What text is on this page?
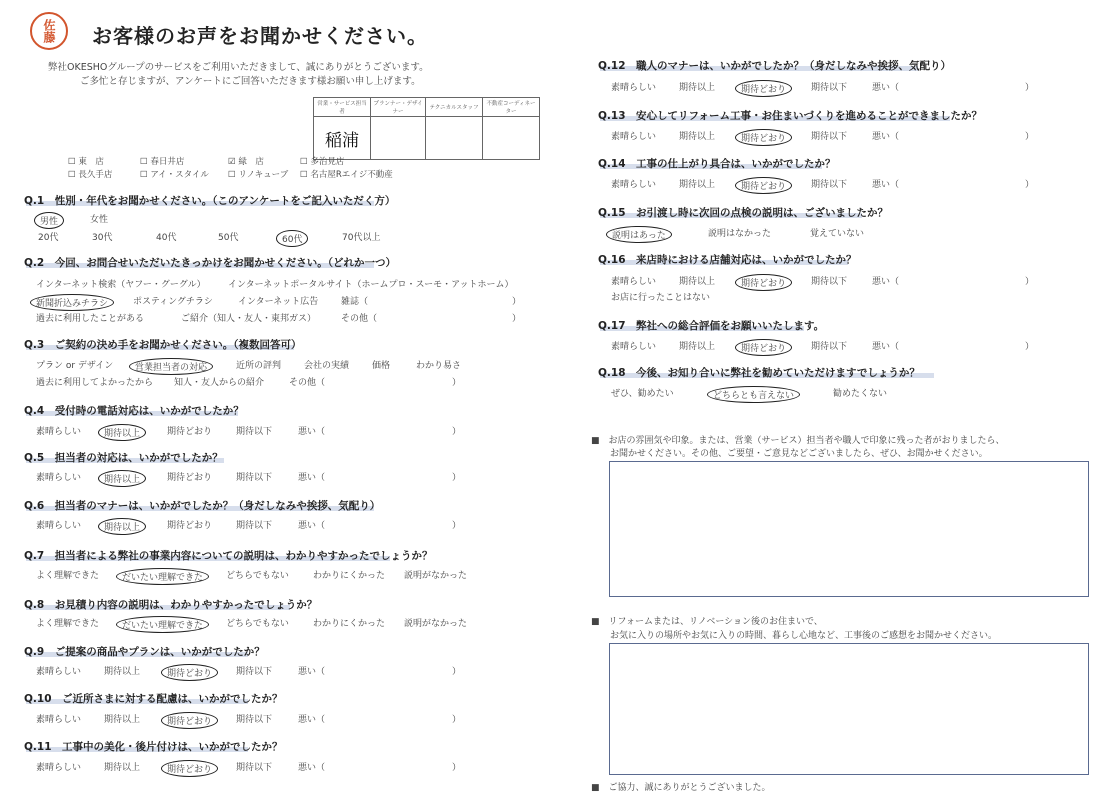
佐藤	お客様のお声をお聞かせください。
弊社OKESHOグループのサービスをご利用いただきまして、誠にありがとうございます。
ご多忙と存じますが、アンケートにご回答いただきます様お願い申し上げます。
営業・サービス担当者	プランナー・デザイナー	テクニカルスタッフ	不動産コーディネーター
稲浦			
☐ 東　店	☐ 春日井店	☑ 緑　店	☐ 多治見店
☐ 長久手店	☐ アイ・スタイル ☐ リノキューブ ☐ 名古屋Rエイジ不動産
Q.1　性別・年代をお聞かせください。（このアンケートをご記入いただく方）
男性	女性
20代	30代	40代	50代	60代	70代以上
Q.2　今回、お問合せいただいたきっかけをお聞かせください。（どれか一つ）
インターネット検索（ヤフー・グーグル） インターネットポータルサイト（ホームプロ・スーモ・アットホーム）
新聞折込みチラシ	ポスティングチラシ	インターネット広告	雑誌（	）
過去に利用したことがある	ご紹介（知人・友人・東邦ガス）	その他（	）
Q.3　ご契約の決め手をお聞かせください。（複数回答可）
プラン or デザイン	営業担当者の対応	近所の評判	会社の実績	価格	わかり易さ
過去に利用してよかったから 知人・友人からの紹介	その他（	）
Q.4　受付時の電話対応は、いかがでしたか？
素晴らしい	期待以上	期待どおり	期待以下	悪い（	）
Q.5　担当者の対応は、いかがでしたか？
素晴らしい	期待以上	期待どおり	期待以下	悪い（	）
Q.6　担当者のマナーは、いかがでしたか？（身だしなみや挨拶、気配り）
素晴らしい	期待以上	期待どおり	期待以下	悪い（	）
Q.7　担当者による弊社の事業内容についての説明は、わかりやすかったでしょうか？
よく理解できた	だいたい理解できた	どちらでもない	わかりにくかった 説明がなかった
Q.8　お見積り内容の説明は、わかりやすかったでしょうか？
よく理解できた	だいたい理解できた	どちらでもない	わかりにくかった 説明がなかった
Q.9　ご提案の商品やプランは、いかがでしたか？
素晴らしい	期待以上	期待どおり	期待以下	悪い（	）
Q.10　ご近所さまに対する配慮は、いかがでしたか？
素晴らしい	期待以上	期待どおり	期待以下	悪い（	）
Q.11　工事中の美化・後片付けは、いかがでしたか？
素晴らしい	期待以上	期待どおり	期待以下	悪い（	）
Q.12　職人のマナーは、いかがでしたか？（身だしなみや挨拶、気配り）
素晴らしい	期待以上	期待どおり	期待以下	悪い（	）
Q.13　安心してリフォーム工事・お住まいづくりを進めることができましたか？
素晴らしい	期待以上	期待どおり	期待以下	悪い（	）
Q.14　工事の仕上がり具合は、いかがでしたか？
素晴らしい	期待以上	期待どおり	期待以下	悪い（	）
Q.15　お引渡し時に次回の点検の説明は、ございましたか？
説明はあった	説明はなかった	覚えていない
Q.16　来店時における店舗対応は、いかがでしたか？
素晴らしい	期待以上	期待どおり	期待以下	悪い（	）
お店に行ったことはない
Q.17　弊社への総合評価をお願いいたします。
素晴らしい	期待以上	期待どおり	期待以下	悪い（	）
Q.18　今後、お知り合いに弊社を勧めていただけますでしょうか？
ぜひ、勧めたい	どちらとも言えない	勧めたくない
■　お店の雰囲気や印象。または、営業（サービス）担当者や職人で印象に残った者がおりましたら、
お聞かせください。その他、ご要望・ご意見などございましたら、ぜひ、お聞かせください。
■　リフォームまたは、リノベーション後のお住まいで、
お気に入りの場所やお気に入りの時間、暮らし心地など、工事後のご感想をお聞かせください。
■　ご協力、誠にありがとうございました。
